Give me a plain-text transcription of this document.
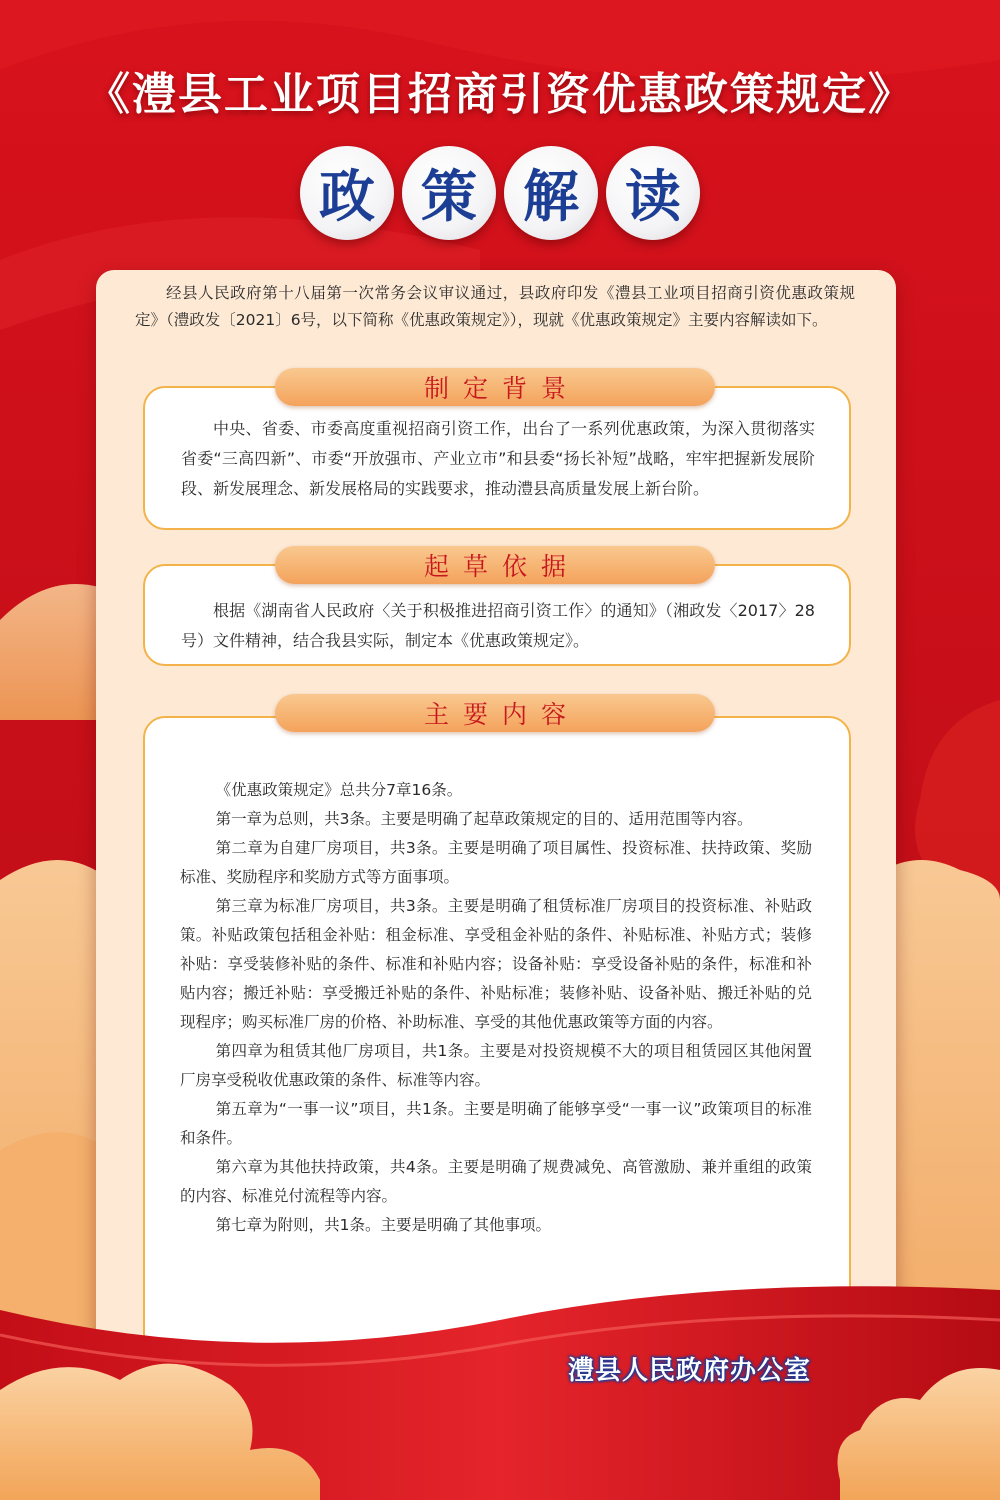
《澧县工业项目招商引资优惠政策规定》
政 策 解 读
经县人民政府第十八届第一次常务会议审议通过，县政府印发《澧县工业项目招商引资优惠政策规定》（澧政发〔2021〕6号，以下简称《优惠政策规定》），现就《优惠政策规定》主要内容解读如下。
中央、省委、市委高度重视招商引资工作，出台了一系列优惠政策，为深入贯彻落实省委“三高四新”、市委“开放强市、产业立市”和县委“扬长补短”战略，牢牢把握新发展阶段、新发展理念、新发展格局的实践要求，推动澧县高质量发展上新台阶。
制定背景
根据《湖南省人民政府〈关于积极推进招商引资工作〉的通知》（湘政发〈2017〉28号）文件精神，结合我县实际，制定本《优惠政策规定》。
起草依据
主要内容

《优惠政策规定》总共分7章16条。

第一章为总则，共3条。主要是明确了起草政策规定的目的、适用范围等内容。

第二章为自建厂房项目，共3条。主要是明确了项目属性、投资标准、扶持政策、奖励标准、奖励程序和奖励方式等方面事项。

第三章为标准厂房项目，共3条。主要是明确了租赁标准厂房项目的投资标准、补贴政策。补贴政策包括租金补贴：租金标准、享受租金补贴的条件、补贴标准、补贴方式；装修补贴：享受装修补贴的条件、标准和补贴内容；设备补贴：享受设备补贴的条件，标准和补贴内容；搬迁补贴：享受搬迁补贴的条件、补贴标准；装修补贴、设备补贴、搬迁补贴的兑现程序；购买标准厂房的价格、补助标准、享受的其他优惠政策等方面的内容。

第四章为租赁其他厂房项目，共1条。主要是对投资规模不大的项目租赁园区其他闲置厂房享受税收优惠政策的条件、标准等内容。

第五章为“一事一议”项目，共1条。主要是明确了能够享受“一事一议”政策项目的标准和条件。

第六章为其他扶持政策，共4条。主要是明确了规费减免、高管激励、兼并重组的政策的内容、标准兑付流程等内容。

第七章为附则，共1条。主要是明确了其他事项。

澧县人民政府办公室
